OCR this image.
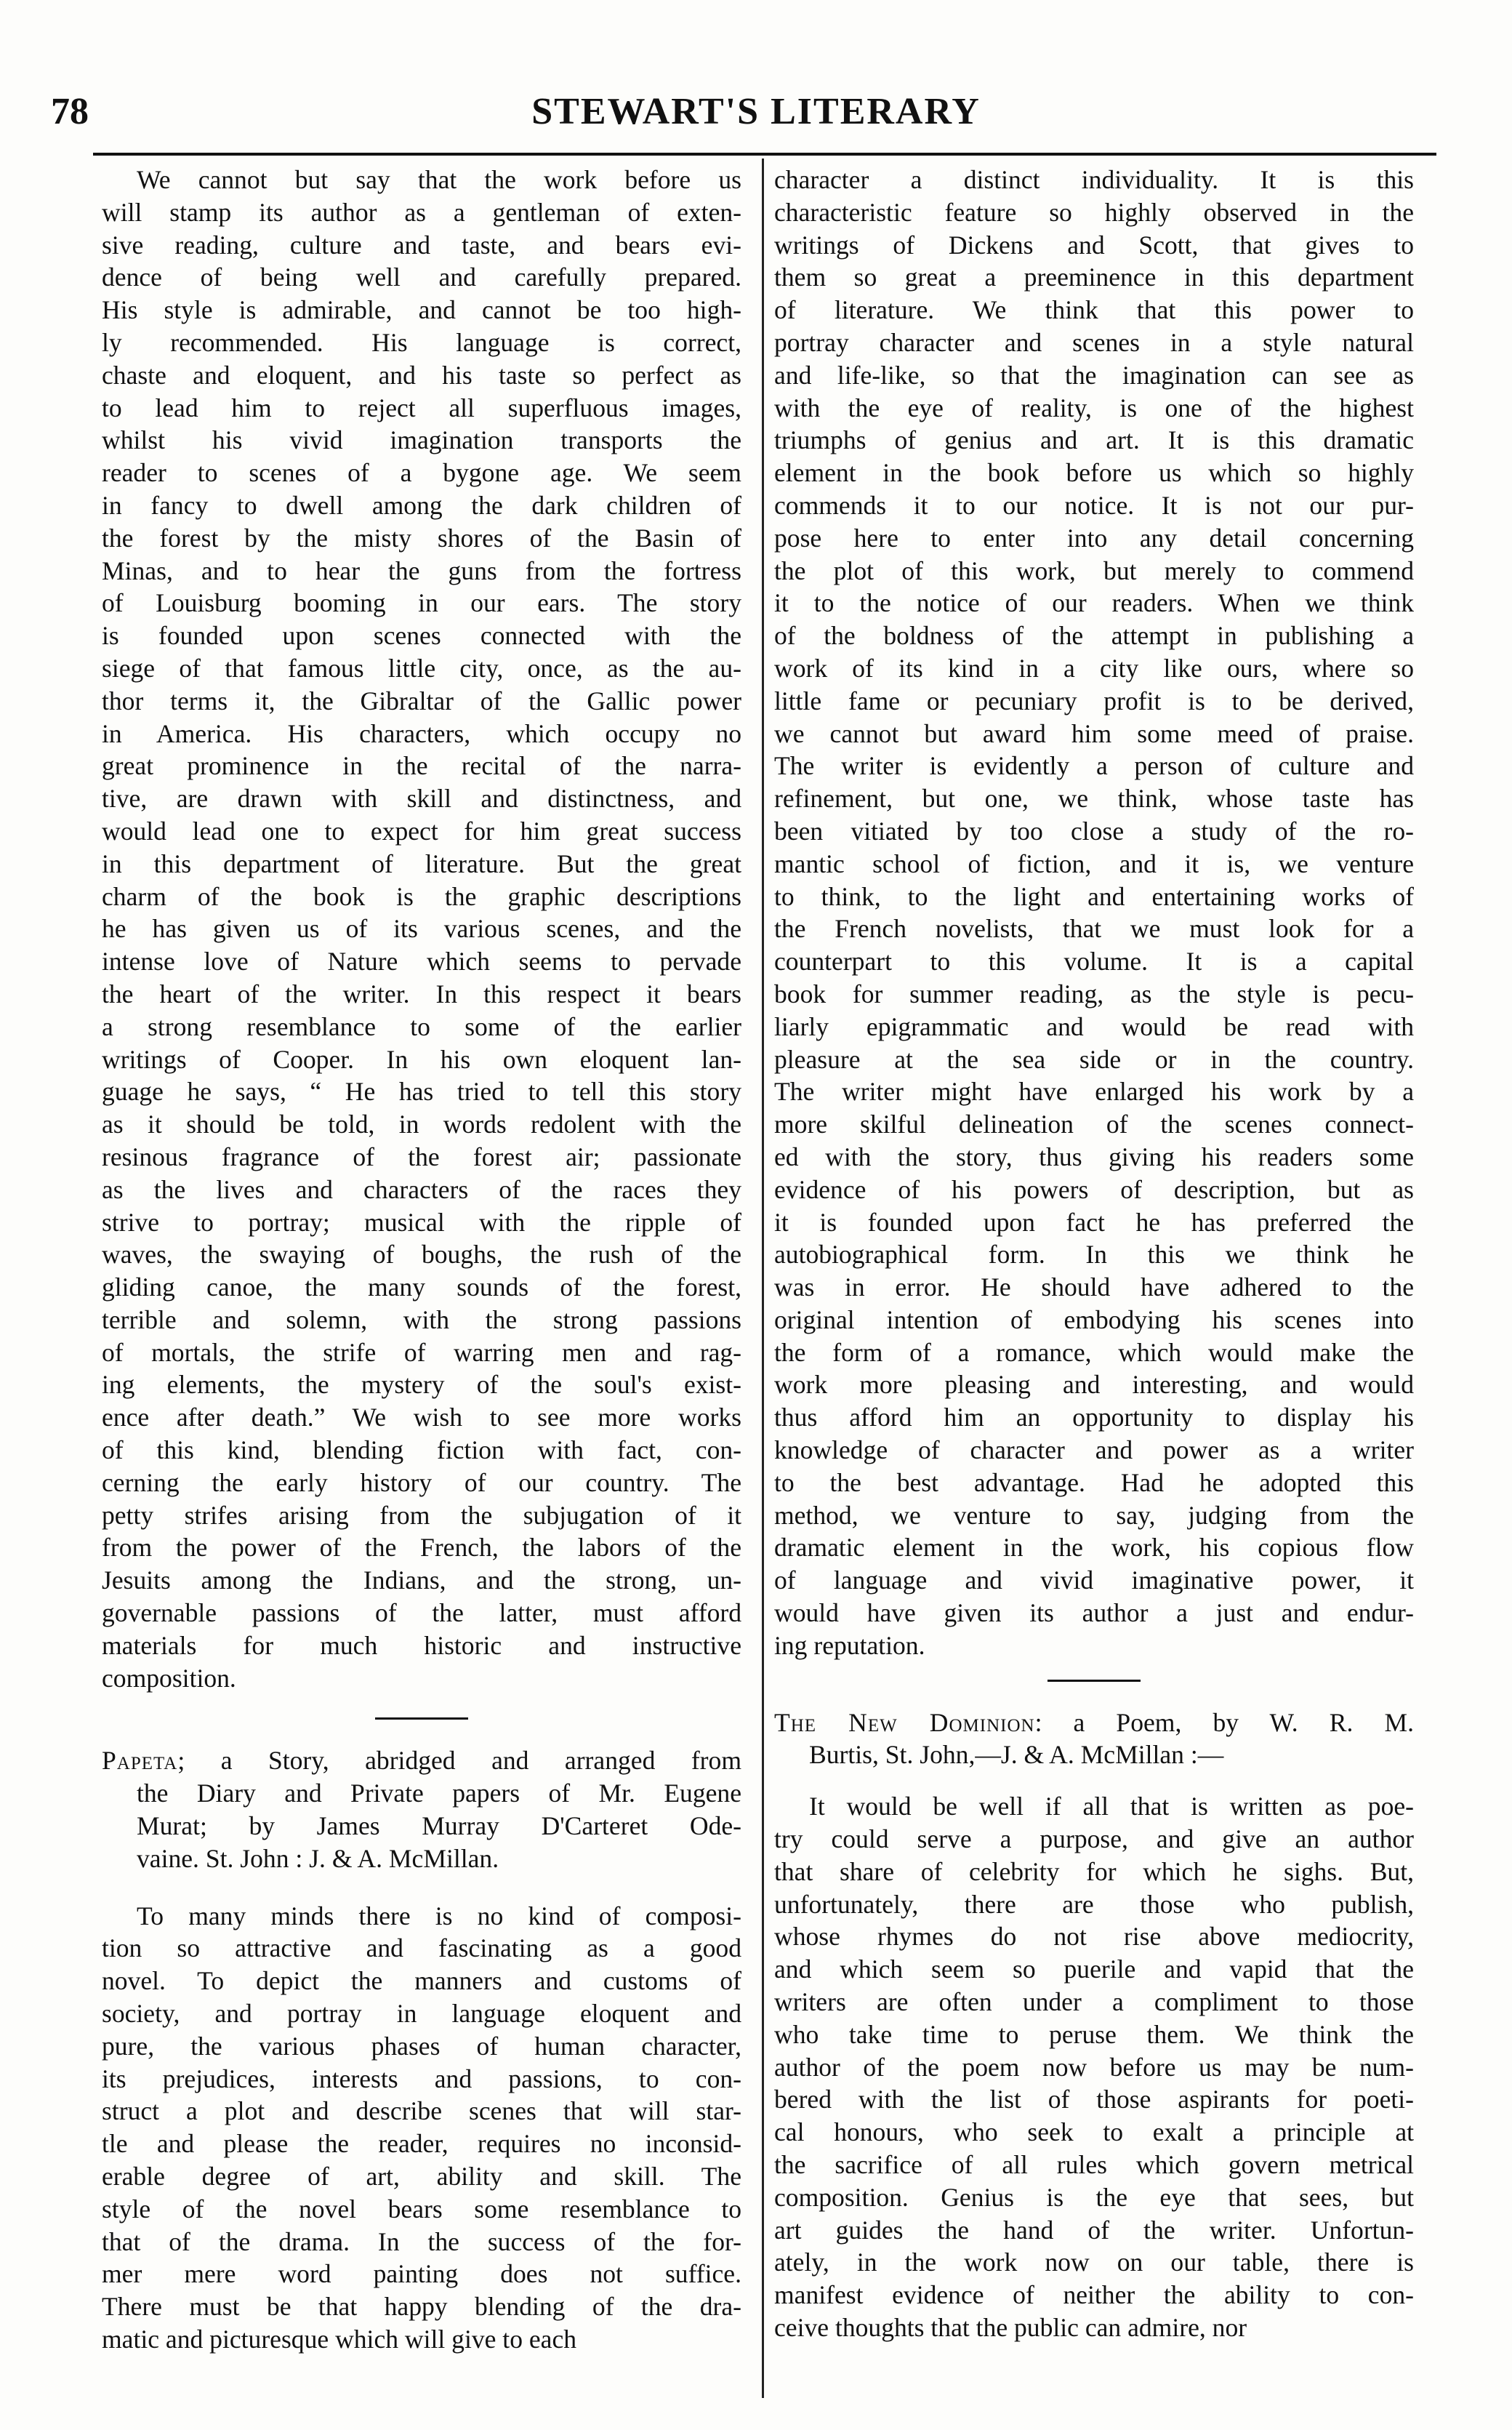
78	STEWART'S LITERARY
We cannot but say that the work before us
will stamp its author as a gentleman of exten-
sive reading, culture and taste, and bears evi-
dence of being well and carefully prepared.
His style is admirable, and cannot be too high-
ly recommended. His language is correct,
chaste and eloquent, and his taste so perfect as
to lead him to reject all superfluous images,
whilst his vivid imagination transports the
reader to scenes of a bygone age. We seem
in fancy to dwell among the dark children of
the forest by the misty shores of the Basin of
Minas, and to hear the guns from the fortress
of Louisburg booming in our ears. The story
is founded upon scenes connected with the
siege of that famous little city, once, as the au-
thor terms it, the Gibraltar of the Gallic power
in America. His characters, which occupy no
great prominence in the recital of the narra-
tive, are drawn with skill and distinctness, and
would lead one to expect for him great success
in this department of literature. But the great
charm of the book is the graphic descriptions
he has given us of its various scenes, and the
intense love of Nature which seems to pervade
the heart of the writer. In this respect it bears
a strong resemblance to some of the earlier
writings of Cooper. In his own eloquent lan-
guage he says, “ He has tried to tell this story
as it should be told, in words redolent with the
resinous fragrance of the forest air; passionate
as the lives and characters of the races they
strive to portray; musical with the ripple of
waves, the swaying of boughs, the rush of the
gliding canoe, the many sounds of the forest,
terrible and solemn, with the strong passions
of mortals, the strife of warring men and rag-
ing elements, the mystery of the soul's exist-
ence after death.” We wish to see more works
of this kind, blending fiction with fact, con-
cerning the early history of our country. The
petty strifes arising from the subjugation of it
from the power of the French, the labors of the
Jesuits among the Indians, and the strong, un-
governable passions of the latter, must afford
materials for much historic and instructive
composition.
Papeta; a Story, abridged and arranged from
the Diary and Private papers of Mr. Eugene
Murat; by James Murray D'Carteret Ode-
vaine. St. John : J. & A. McMillan.
To many minds there is no kind of composi-
tion so attractive and fascinating as a good
novel. To depict the manners and customs of
society, and portray in language eloquent and
pure, the various phases of human character,
its prejudices, interests and passions, to con-
struct a plot and describe scenes that will star-
tle and please the reader, requires no inconsid-
erable degree of art, ability and skill. The
style of the novel bears some resemblance to
that of the drama. In the success of the for-
mer mere word painting does not suffice.
There must be that happy blending of the dra-
matic and picturesque which will give to each
character a distinct individuality. It is this
characteristic feature so highly observed in the
writings of Dickens and Scott, that gives to
them so great a preeminence in this department
of literature. We think that this power to
portray character and scenes in a style natural
and life-like, so that the imagination can see as
with the eye of reality, is one of the highest
triumphs of genius and art. It is this dramatic
element in the book before us which so highly
commends it to our notice. It is not our pur-
pose here to enter into any detail concerning
the plot of this work, but merely to commend
it to the notice of our readers. When we think
of the boldness of the attempt in publishing a
work of its kind in a city like ours, where so
little fame or pecuniary profit is to be derived,
we cannot but award him some meed of praise.
The writer is evidently a person of culture and
refinement, but one, we think, whose taste has
been vitiated by too close a study of the ro-
mantic school of fiction, and it is, we venture
to think, to the light and entertaining works of
the French novelists, that we must look for a
counterpart to this volume. It is a capital
book for summer reading, as the style is pecu-
liarly epigrammatic and would be read with
pleasure at the sea side or in the country.
The writer might have enlarged his work by a
more skilful delineation of the scenes connect-
ed with the story, thus giving his readers some
evidence of his powers of description, but as
it is founded upon fact he has preferred the
autobiographical form. In this we think he
was in error. He should have adhered to the
original intention of embodying his scenes into
the form of a romance, which would make the
work more pleasing and interesting, and would
thus afford him an opportunity to display his
knowledge of character and power as a writer
to the best advantage. Had he adopted this
method, we venture to say, judging from the
dramatic element in the work, his copious flow
of language and vivid imaginative power, it
would have given its author a just and endur-
ing reputation.
The New Dominion: a Poem, by W. R. M.
Burtis, St. John,—J. & A. McMillan :—
It would be well if all that is written as poe-
try could serve a purpose, and give an author
that share of celebrity for which he sighs. But,
unfortunately, there are those who publish,
whose rhymes do not rise above mediocrity,
and which seem so puerile and vapid that the
writers are often under a compliment to those
who take time to peruse them. We think the
author of the poem now before us may be num-
bered with the list of those aspirants for poeti-
cal honours, who seek to exalt a principle at
the sacrifice of all rules which govern metrical
composition. Genius is the eye that sees, but
art guides the hand of the writer. Unfortun-
ately, in the work now on our table, there is
manifest evidence of neither the ability to con-
ceive thoughts that the public can admire, nor
